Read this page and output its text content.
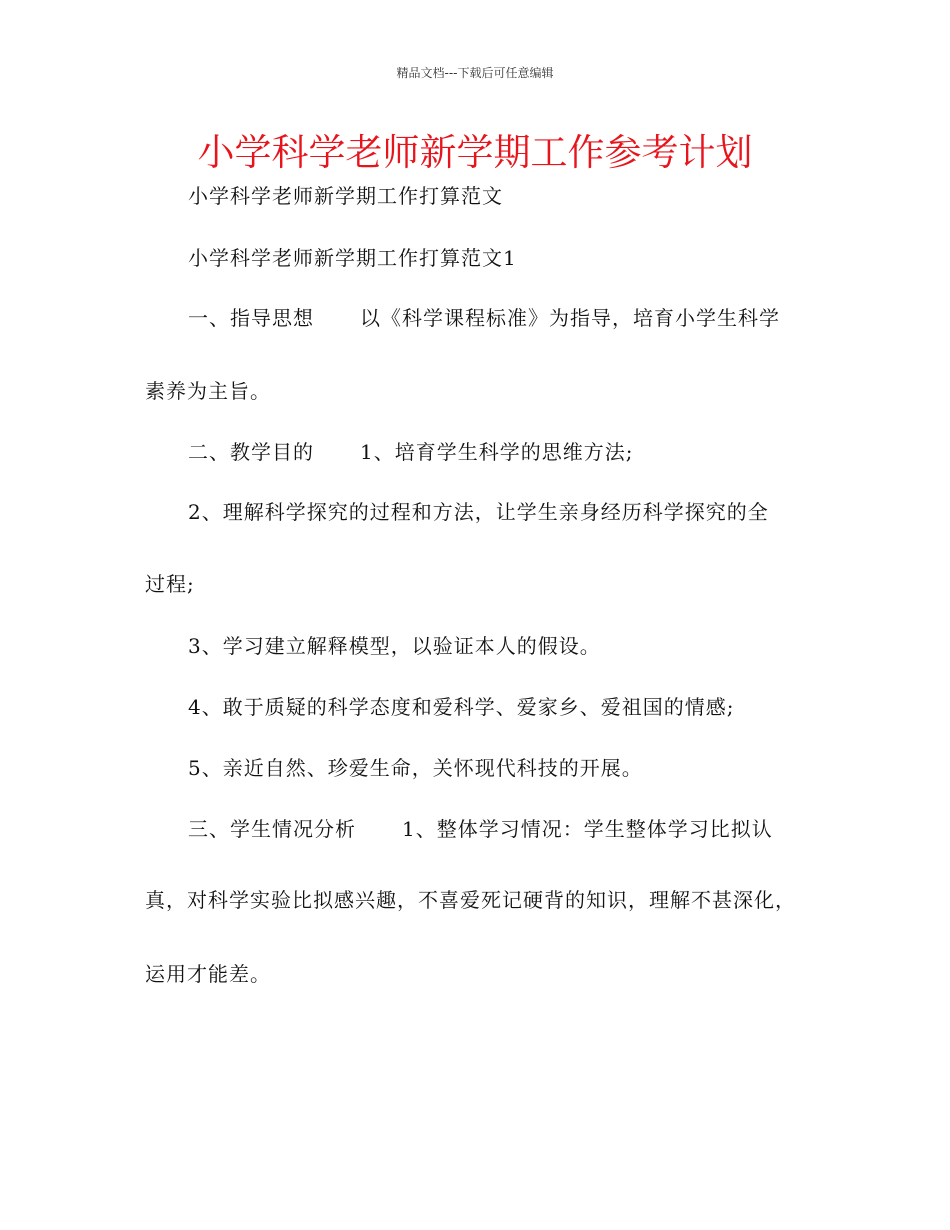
精品文档---下载后可任意编辑
小学科学老师新学期工作参考计划
小学科学老师新学期工作打算范文
小学科学老师新学期工作打算范文1
一、指导思想 以《科学课程标准》为指导，培育小学生科学
素养为主旨。
二、教学目的 1、培育学生科学的思维方法;
2、理解科学探究的过程和方法，让学生亲身经历科学探究的全
过程;
3、学习建立解释模型，以验证本人的假设。
4、敢于质疑的科学态度和爱科学、爱家乡、爱祖国的情感;
5、亲近自然、珍爱生命，关怀现代科技的开展。
三、学生情况分析 1、整体学习情况：学生整体学习比拟认
真，对科学实验比拟感兴趣，不喜爱死记硬背的知识，理解不甚深化，
运用才能差。
